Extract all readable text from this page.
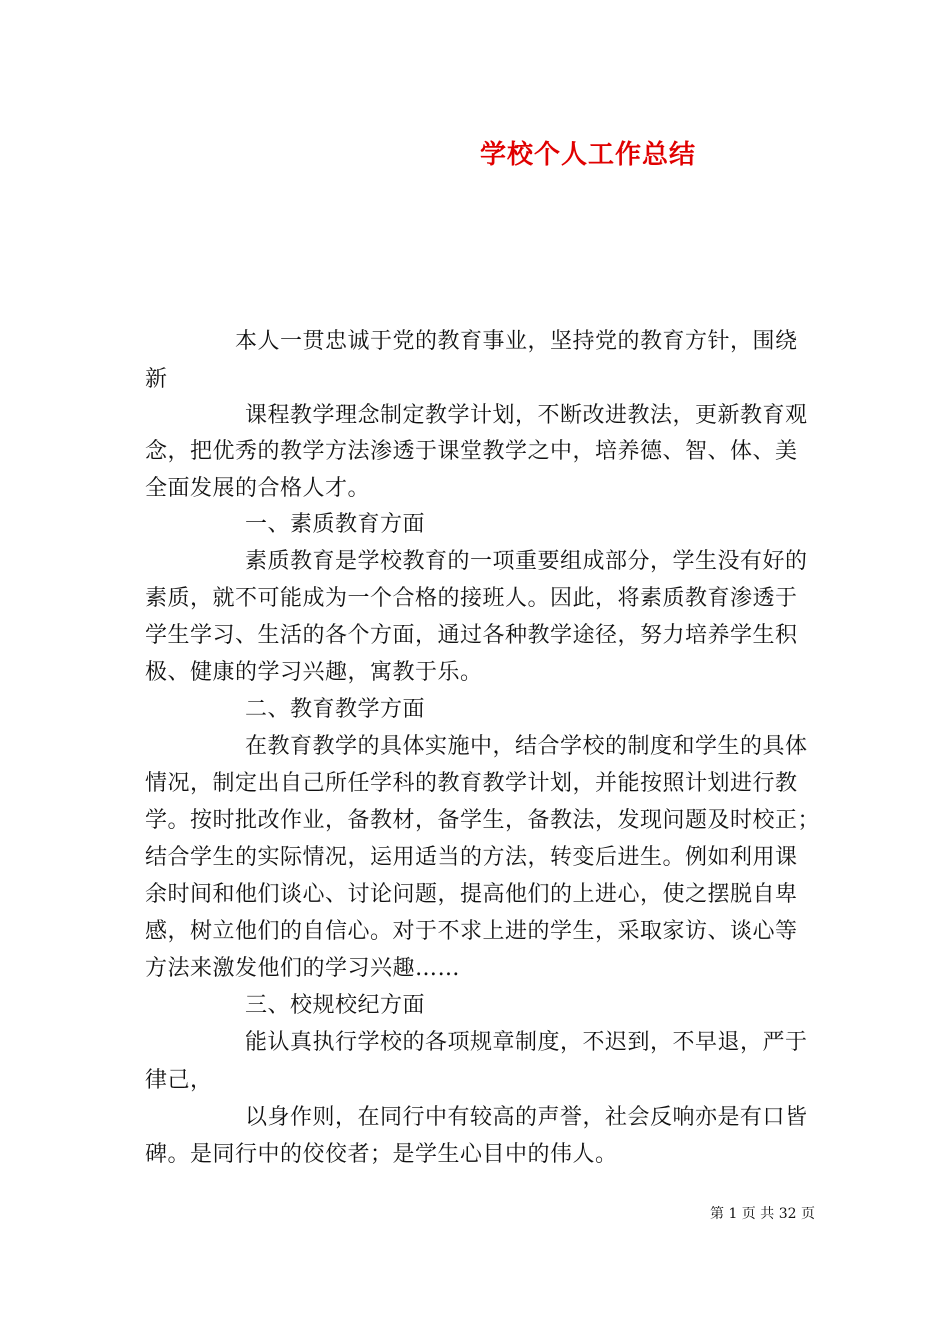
学校个人工作总结
本人一贯忠诚于党的教育事业，坚持党的教育方针，围绕
新
课程教学理念制定教学计划，不断改进教法，更新教育观
念，把优秀的教学方法渗透于课堂教学之中，培养德、智、体、美
全面发展的合格人才。
一、素质教育方面
素质教育是学校教育的一项重要组成部分，学生没有好的
素质，就不可能成为一个合格的接班人。因此，将素质教育渗透于
学生学习、生活的各个方面，通过各种教学途径，努力培养学生积
极、健康的学习兴趣，寓教于乐。
二、教育教学方面
在教育教学的具体实施中，结合学校的制度和学生的具体
情况，制定出自己所任学科的教育教学计划，并能按照计划进行教
学。按时批改作业，备教材，备学生，备教法，发现问题及时校正；
结合学生的实际情况，运用适当的方法，转变后进生。例如利用课
余时间和他们谈心、讨论问题，提高他们的上进心，使之摆脱自卑
感，树立他们的自信心。对于不求上进的学生，采取家访、谈心等
方法来激发他们的学习兴趣……
三、校规校纪方面
能认真执行学校的各项规章制度，不迟到，不早退，严于
律己，
以身作则，在同行中有较高的声誉，社会反响亦是有口皆
碑。是同行中的佼佼者；是学生心目中的伟人。
第 1 页 共 32 页
